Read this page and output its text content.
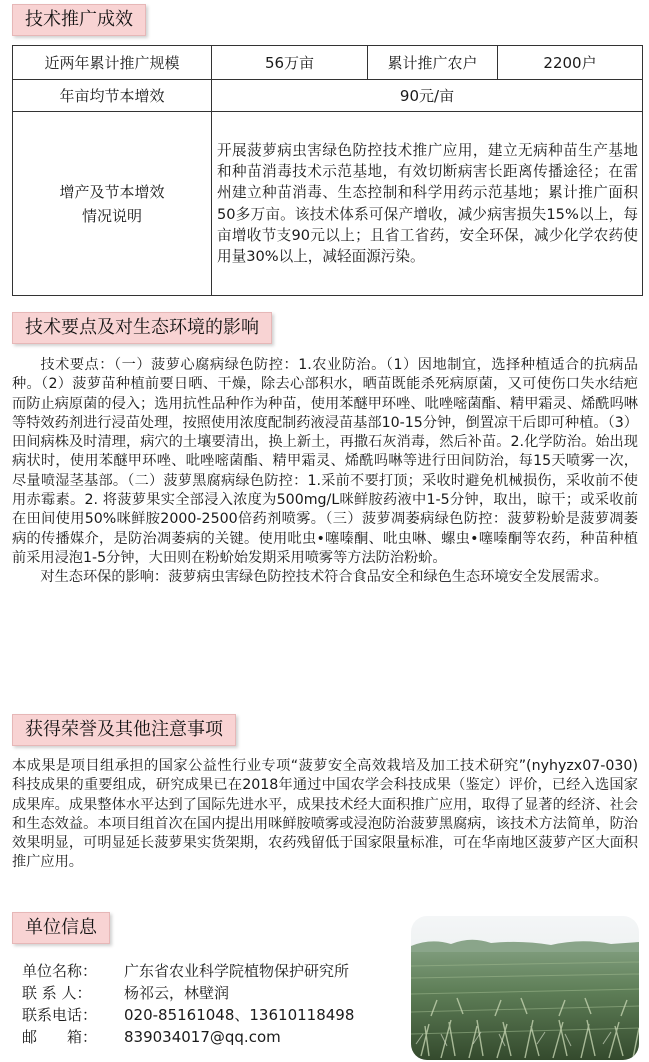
技术推广成效
近两年累计推广规模	56万亩	累计推广农户	2200户
年亩均节本增效	90元/亩		

增产及节本增效
情况说明	开展菠萝病虫害绿色防控技术推广应用，建立无病种苗生产基地和种苗消毒技术示范基地，有效切断病害长距离传播途径；在雷州建立种苗消毒、生态控制和科学用药示范基地；累计推广面积50多万亩。该技术体系可保产增收，减少病害损失15%以上，每亩增收节支90元以上；且省工省药，安全环保，减少化学农药使用量30%以上，减轻面源污染。		
技术要点及对生态环境的影响

技术要点：（一）菠萝心腐病绿色防控：1.农业防治。（1）因地制宜，选择种植适合的抗病品种。（2）菠萝苗种植前要日晒、干燥，除去心部积水，晒苗既能杀死病原菌，又可使伤口失水结疤而防止病原菌的侵入；选用抗性品种作为种苗，使用苯醚甲环唑、吡唑嘧菌酯、精甲霜灵、烯酰吗啉等特效药剂进行浸苗处理，按照使用浓度配制药液浸苗基部10-15分钟，倒置凉干后即可种植。（3）田间病株及时清理，病穴的土壤要清出，换上新土，再撒石灰消毒，然后补苗。2.化学防治。始出现病状时，使用苯醚甲环唑、吡唑嘧菌酯、精甲霜灵、烯酰吗啉等进行田间防治，每15天喷雾一次，尽量喷湿茎基部。（二）菠萝黑腐病绿色防控：1.采前不要打顶；采收时避免机械损伤，采收前不使用赤霉素。2. 将菠萝果实全部浸入浓度为500mg/L咪鲜胺药液中1-5分钟，取出，晾干；或采收前在田间使用50%咪鲜胺2000-2500倍药剂喷雾。（三）菠萝凋萎病绿色防控：菠萝粉蚧是菠萝凋萎病的传播媒介，是防治凋萎病的关键。使用吡虫•噻嗪酮、吡虫啉、螺虫•噻嗪酮等农药，种苗种植前采用浸泡1-5分钟，大田则在粉蚧始发期采用喷雾等方法防治粉蚧。

对生态环保的影响：菠萝病虫害绿色防控技术符合食品安全和绿色生态环境安全发展需求。

获得荣誉及其他注意事项

本成果是项目组承担的国家公益性行业专项“菠萝安全高效栽培及加工技术研究”(nyhyzx07-030) 科技成果的重要组成，研究成果已在2018年通过中国农学会科技成果（鉴定）评价，已经入选国家成果库。成果整体水平达到了国际先进水平，成果技术经大面积推广应用，取得了显著的经济、社会和生态效益。本项目组首次在国内提出用咪鲜胺喷雾或浸泡防治菠萝黑腐病，该技术方法简单，防治效果明显，可明显延长菠萝果实货架期，农药残留低于国家限量标准，可在华南地区菠萝产区大面积推广应用。

单位信息
单位名称： 广东省农业科学院植物保护研究所
联 系 人： 杨祁云，林壁润
联系电话： 020-85161048、13610118498
邮　　箱： 839034017@qq.com
